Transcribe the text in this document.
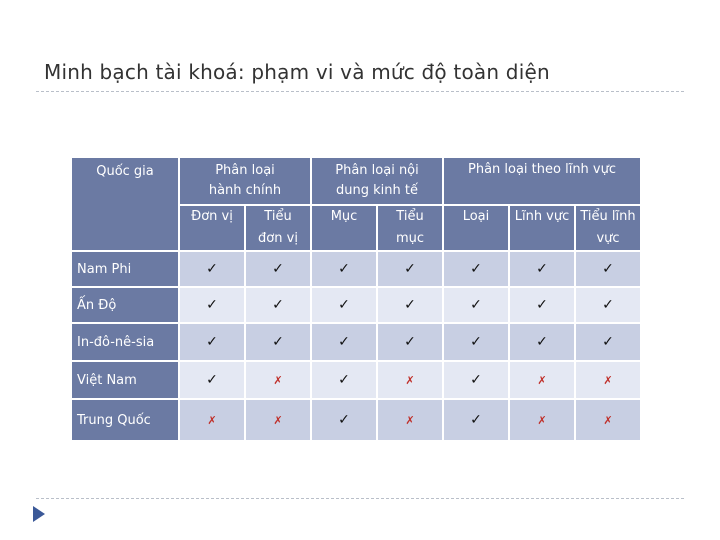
Minh bạch tài khoá: phạm vi và mức độ toàn diện
Quốc gia	Phân loại hành chính		Phân loại nội dung kinh tế		Phân loại theo lĩnh vực		

	Đơn vị	Tiểu đơn vị	Mục	Tiểu mục	Loại	Lĩnh vực	Tiểu lĩnh vực

Nam Phi	✓	✓	✓	✓	✓	✓	✓
Ấn Độ	✓	✓	✓	✓	✓	✓	✓
In-đô-nê-sia	✓	✓	✓	✓	✓	✓	✓
Việt Nam	✓	✗	✓	✗	✓	✗	✗
Trung Quốc	✗	✗	✓	✗	✓	✗	✗
